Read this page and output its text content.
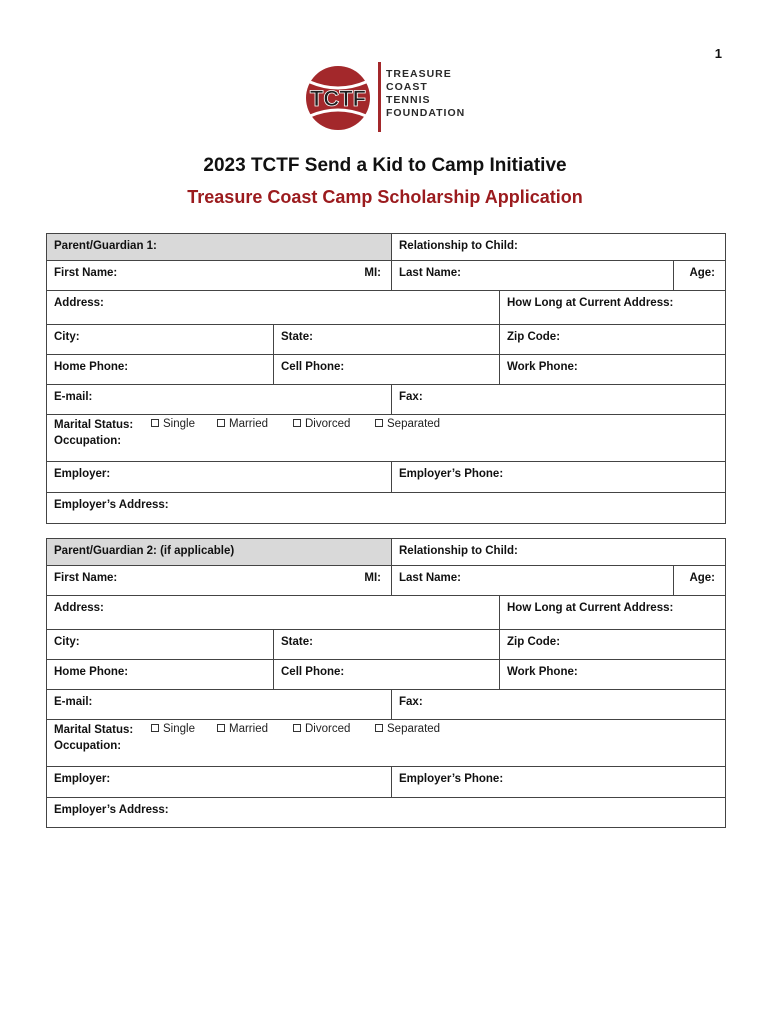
1
TCTF
TREASURE
COAST
TENNIS
FOUNDATION
2023 TCTF Send a Kid to Camp Initiative
Treasure Coast Camp Scholarship Application
Parent/Guardian 1:	Relationship to Child:
First Name:	MI: Last Name:	Age:
Address:	How Long at Current Address:
City:	State:	Zip Code:
Home Phone:	Cell Phone:	Work Phone:
E-mail:	Fax:
Marital Status:	Single	Married	Divorced	Separated
Occupation:
Employer:	Employer’s Phone:
Employer’s Address:
Parent/Guardian 2: (if applicable)	Relationship to Child:
First Name:	MI: Last Name:	Age:
Address:	How Long at Current Address:
City:	State:	Zip Code:
Home Phone:	Cell Phone:	Work Phone:
E-mail:	Fax:
Marital Status:	Single	Married	Divorced	Separated
Occupation:
Employer:	Employer’s Phone:
Employer’s Address:
